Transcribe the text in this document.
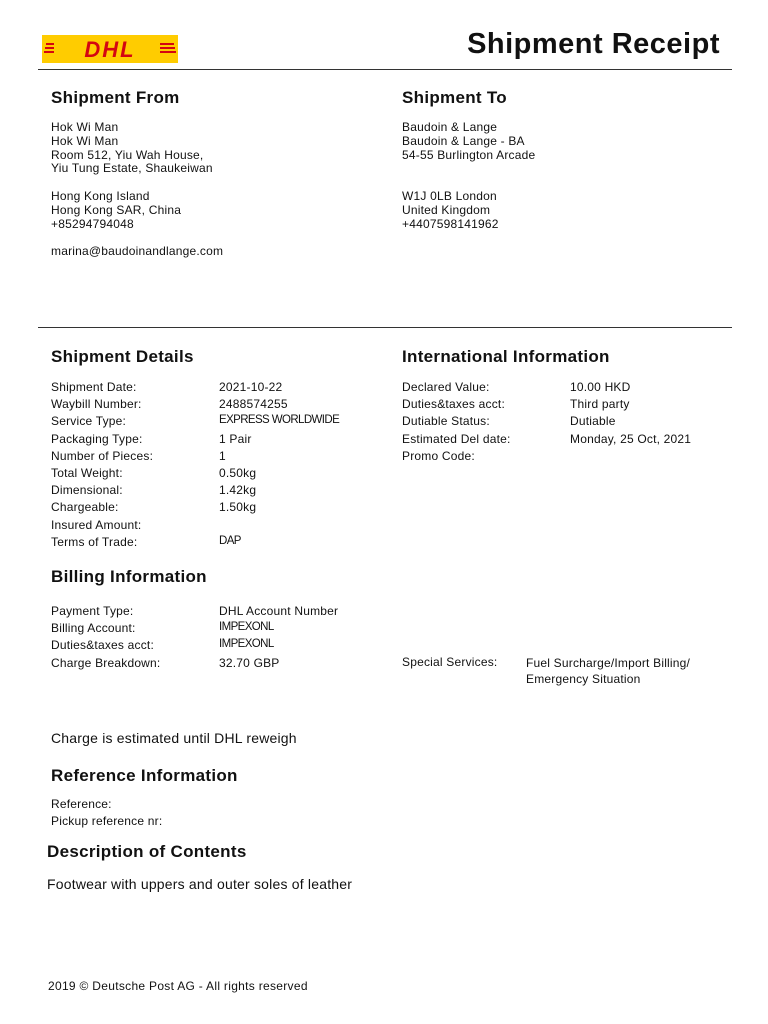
DHL	Shipment Receipt
Shipment From
Hok Wi Man
Hok Wi Man
Room 512, Yiu Wah House,
Yiu Tung Estate, Shaukeiwan
Hong Kong Island
Hong Kong SAR, China
+85294794048
marina@baudoinandlange.com
Shipment To
Baudoin & Lange
Baudoin & Lange - BA
54-55 Burlington Arcade
W1J 0LB London
United Kingdom
+4407598141962
Shipment Details
Shipment Date:	2021-10-22
Waybill Number:	2488574255
Service Type:	EXPRESS WORLDWIDE
Packaging Type:	1 Pair
Number of Pieces:	1
Total Weight:	0.50kg
Dimensional:	1.42kg
Chargeable:	1.50kg
Insured Amount:
Terms of Trade:	DAP
International Information
Declared Value:	10.00 HKD
Duties&taxes acct:	Third party
Dutiable Status:	Dutiable
Estimated Del date:	Monday, 25 Oct, 2021
Promo Code:
Billing Information
Payment Type:	DHL Account Number
Billing Account:	IMPEXONL
Duties&taxes acct:	IMPEXONL
Charge Breakdown:	32.70 GBP	Special Services: Fuel Surcharge/Import Billing/ Emergency Situation
Charge is estimated until DHL reweigh
Reference Information
Reference:
Pickup reference nr:
Description of Contents
Footwear with uppers and outer soles of leather
2019 © Deutsche Post AG - All rights reserved
